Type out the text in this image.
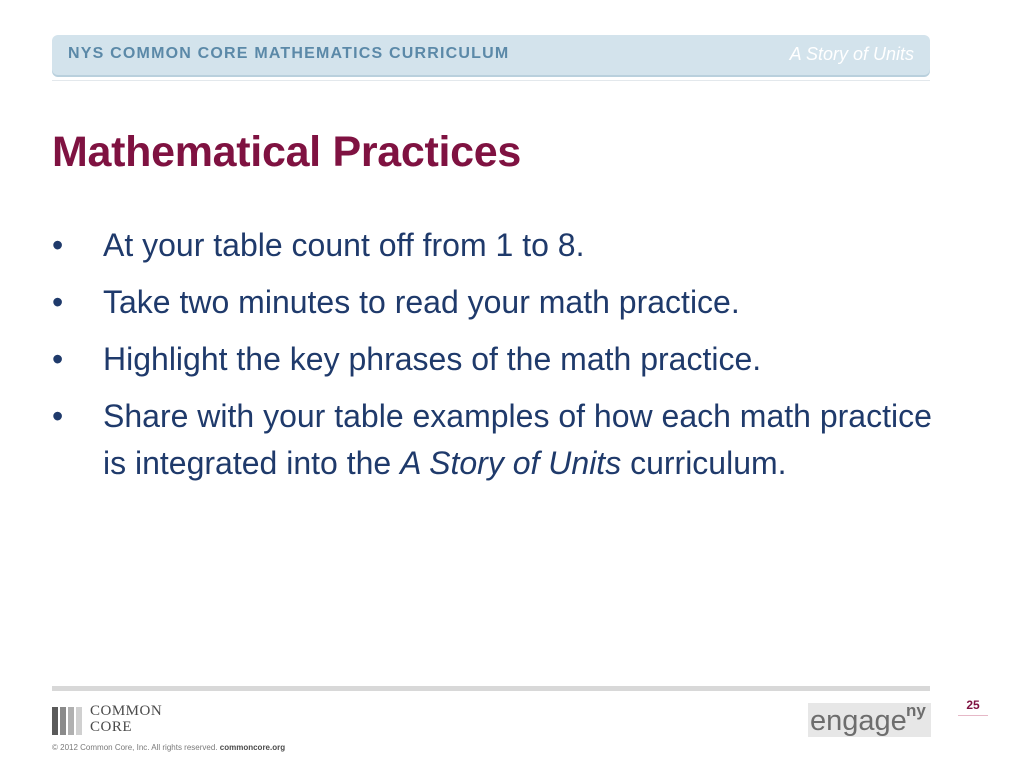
NYS COMMON CORE MATHEMATICS CURRICULUM	A Story of Units
Mathematical Practices
• At your table count off from 1 to 8.
• Take two minutes to read your math practice.
• Highlight the key phrases of the math practice.
• Share with your table examples of how each math practice is integrated into the A Story of Units curriculum.
COMMON
CORE
© 2012 Common Core, Inc. All rights reserved. commoncore.org
engage ny	25
